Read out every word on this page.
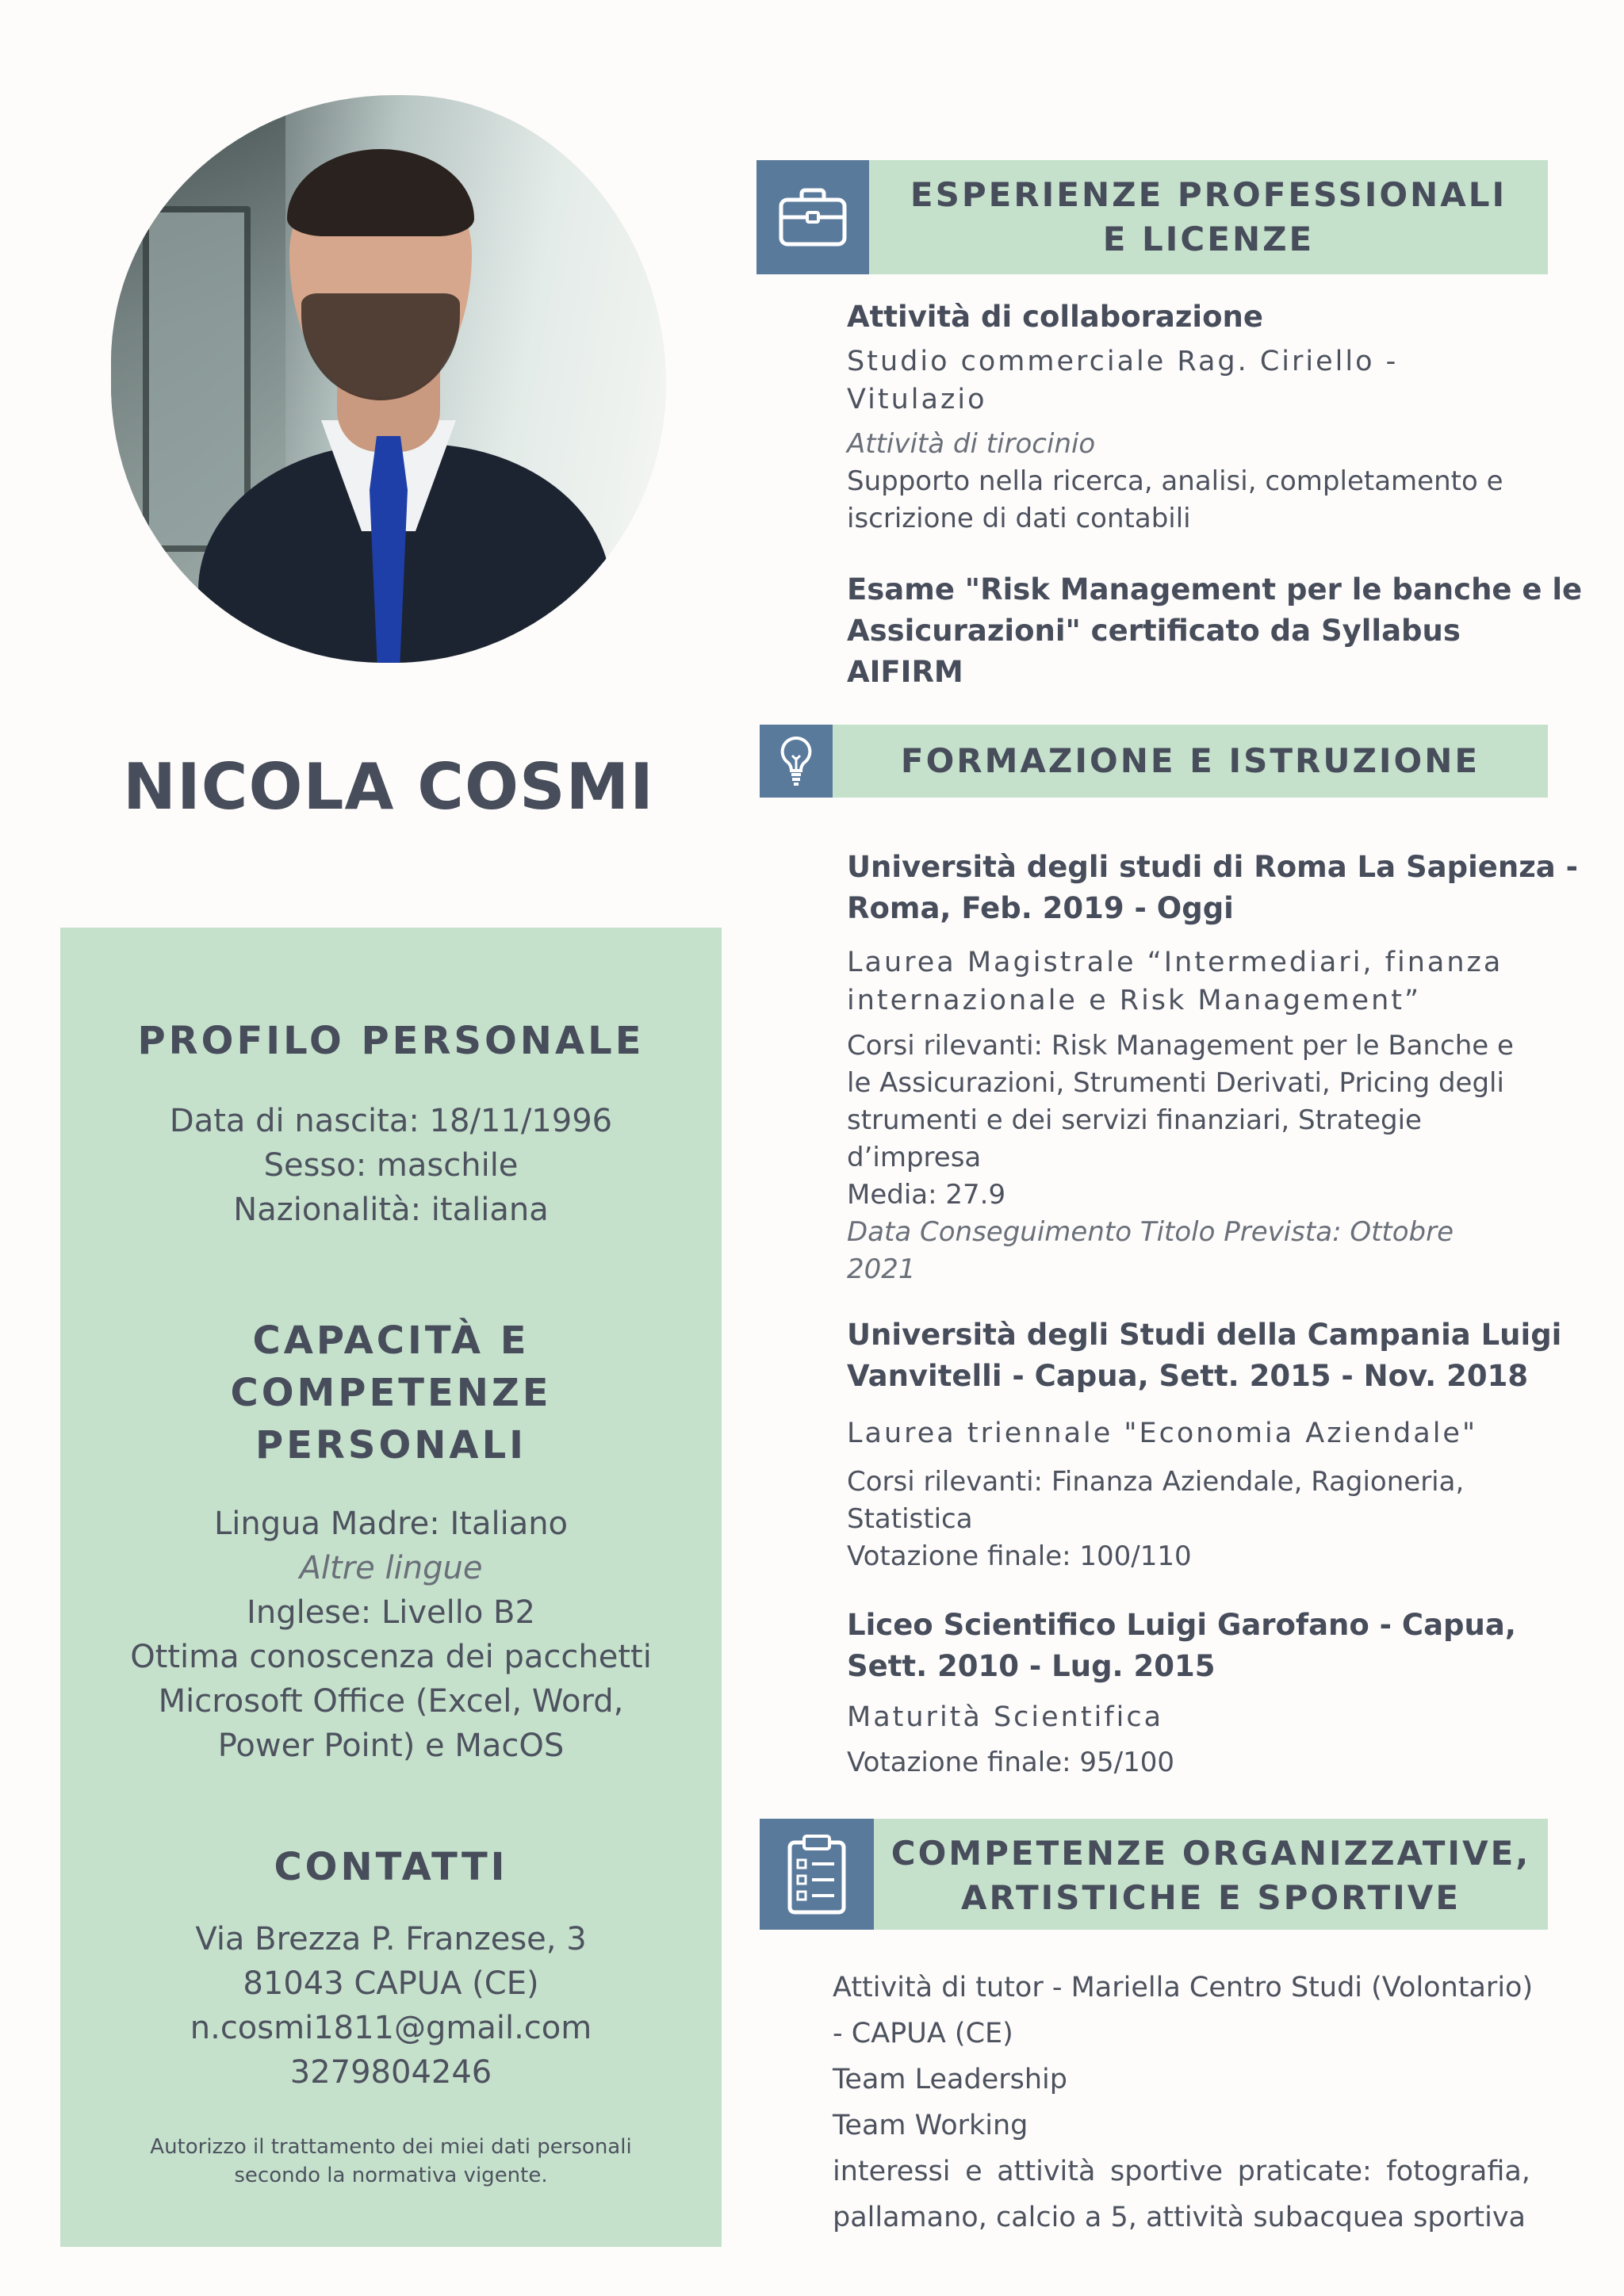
NICOLA COSMI
PROFILO PERSONALE
Data di nascita: 18/11/1996
Sesso: maschile
Nazionalità: italiana
CAPACITÀ E
COMPETENZE
PERSONALI
Lingua Madre: Italiano
Altre lingue
Inglese: Livello B2
Ottima conoscenza dei pacchetti
Microsoft Office (Excel, Word,
Power Point) e MacOS
CONTATTI
Via Brezza P. Franzese, 3
81043 CAPUA (CE)
n.cosmi1811@gmail.com
3279804246
Autorizzo il trattamento dei miei dati personali
secondo la normativa vigente.
ESPERIENZE PROFESSIONALI
E LICENZE
Attività di collaborazione
Studio commerciale Rag. Ciriello -
Vitulazio
Attività di tirocinio
Supporto nella ricerca, analisi, completamento e
iscrizione di dati contabili
Esame "Risk Management per le banche e le
Assicurazioni" certificato da Syllabus
AIFIRM
FORMAZIONE E ISTRUZIONE
Università degli studi di Roma La Sapienza -
Roma, Feb. 2019 - Oggi
Laurea Magistrale “Intermediari, finanza
internazionale e Risk Management”
Corsi rilevanti: Risk Management per le Banche e
le Assicurazioni, Strumenti Derivati, Pricing degli
strumenti e dei servizi finanziari, Strategie
d’impresa
Media: 27.9
Data Conseguimento Titolo Prevista: Ottobre
2021
Università degli Studi della Campania Luigi
Vanvitelli - Capua, Sett. 2015 - Nov. 2018
Laurea triennale "Economia Aziendale"
Corsi rilevanti: Finanza Aziendale, Ragioneria,
Statistica
Votazione finale: 100/110
Liceo Scientifico Luigi Garofano - Capua,
Sett. 2010 - Lug. 2015
Maturità Scientifica
Votazione finale: 95/100
COMPETENZE ORGANIZZATIVE,
ARTISTICHE E SPORTIVE
Attività di tutor - Mariella Centro Studi (Volontario)
- CAPUA (CE)
Team Leadership
Team Working
interessi e attività sportive praticate: fotografia,
pallamano, calcio a 5, attività subacquea sportiva
